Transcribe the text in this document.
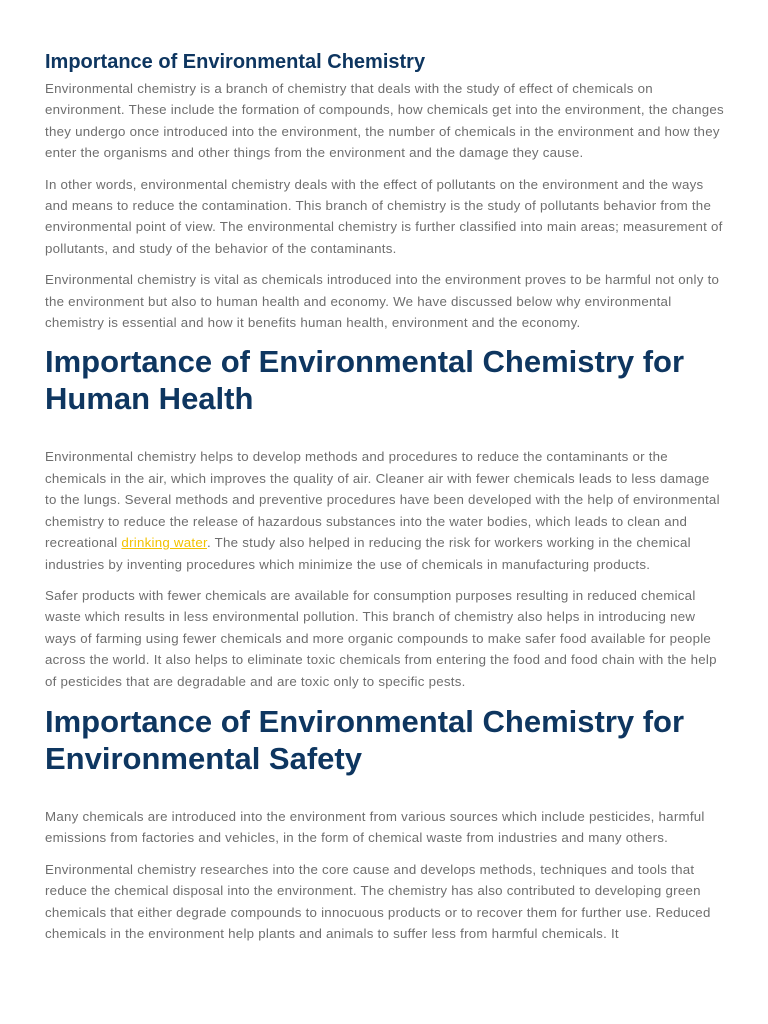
Importance of Environmental Chemistry

Environmental chemistry is a branch of chemistry that deals with the study of effect of chemicals on environment. These include the formation of compounds, how chemicals get into the environment, the changes they undergo once introduced into the environment, the number of chemicals in the environment and how they enter the organisms and other things from the environment and the damage they cause.

In other words, environmental chemistry deals with the effect of pollutants on the environment and the ways and means to reduce the contamination. This branch of chemistry is the study of pollutants behavior from the environmental point of view. The environmental chemistry is further classified into main areas; measurement of pollutants, and study of the behavior of the contaminants.

Environmental chemistry is vital as chemicals introduced into the environment proves to be harmful not only to the environment but also to human health and economy. We have discussed below why environmental chemistry is essential and how it benefits human health, environment and the economy.

Importance of Environmental Chemistry for Human Health

Environmental chemistry helps to develop methods and procedures to reduce the contaminants or the chemicals in the air, which improves the quality of air. Cleaner air with fewer chemicals leads to less damage to the lungs. Several methods and preventive procedures have been developed with the help of environmental chemistry to reduce the release of hazardous substances into the water bodies, which leads to clean and recreational drinking water. The study also helped in reducing the risk for workers working in the chemical industries by inventing procedures which minimize the use of chemicals in manufacturing products.

Safer products with fewer chemicals are available for consumption purposes resulting in reduced chemical waste which results in less environmental pollution. This branch of chemistry also helps in introducing new ways of farming using fewer chemicals and more organic compounds to make safer food available for people across the world. It also helps to eliminate toxic chemicals from entering the food and food chain with the help of pesticides that are degradable and are toxic only to specific pests.

Importance of Environmental Chemistry for Environmental Safety

Many chemicals are introduced into the environment from various sources which include pesticides, harmful emissions from factories and vehicles, in the form of chemical waste from industries and many others.

Environmental chemistry researches into the core cause and develops methods, techniques and tools that reduce the chemical disposal into the environment. The chemistry has also contributed to developing green chemicals that either degrade compounds to innocuous products or to recover them for further use. Reduced chemicals in the environment help plants and animals to suffer less from harmful chemicals. It
